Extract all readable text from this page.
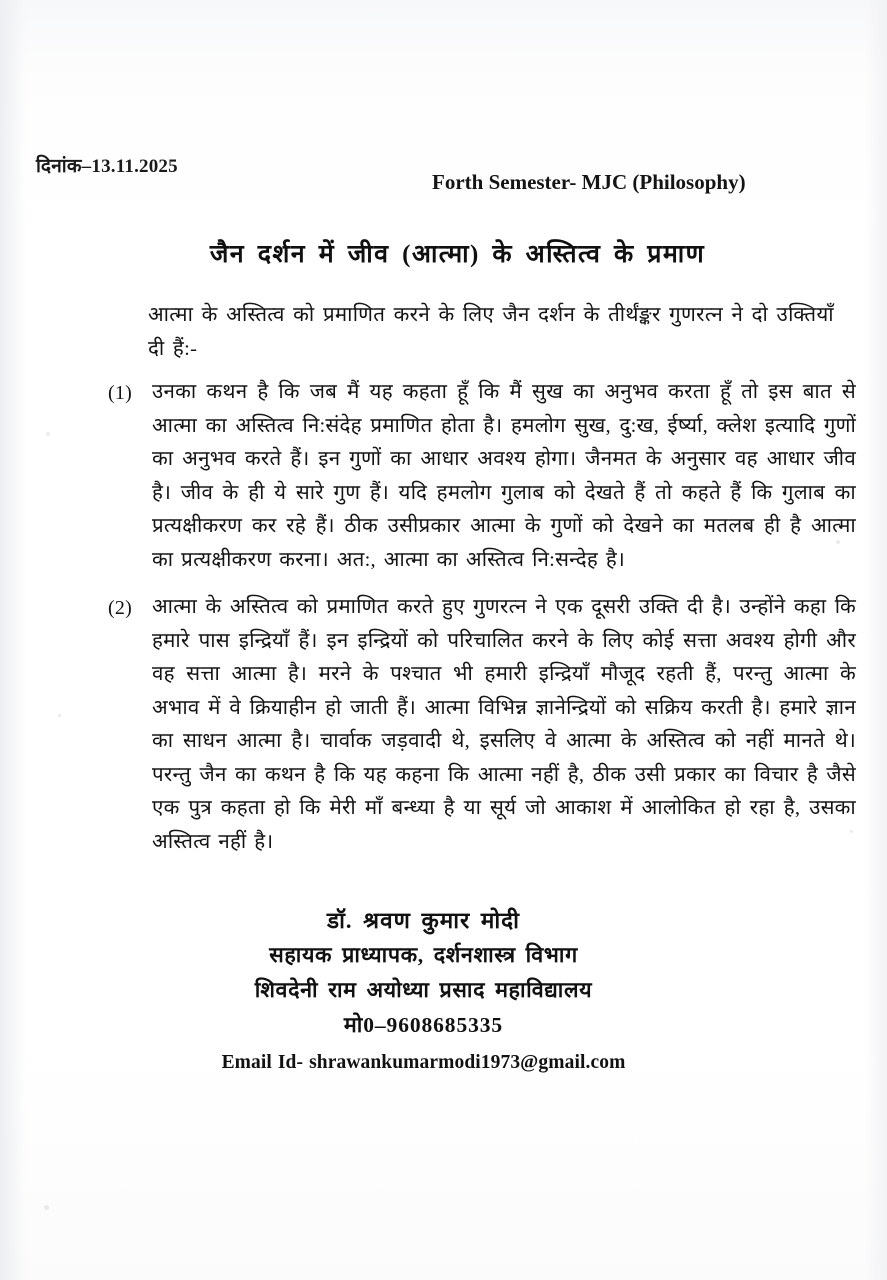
दिनांक–13.11.2025
Forth Semester- MJC (Philosophy)
जैन दर्शन में जीव (आत्मा) के अस्तित्व के प्रमाण
आत्मा के अस्तित्व को प्रमाणित करने के लिए जैन दर्शन के तीर्थंङ्कर गुणरत्न ने दो उक्तियाँ दी हैं:-
(1) उनका कथन है कि जब मैं यह कहता हूँ कि मैं सुख का अनुभव करता हूँ तो इस बात से आत्मा का अस्तित्व नि:संदेह प्रमाणित होता है। हमलोग सुख, दु:ख, ईर्ष्या, क्लेश इत्यादि गुणों का अनुभव करते हैं। इन गुणों का आधार अवश्य होगा। जैनमत के अनुसार वह आधार जीव है। जीव के ही ये सारे गुण हैं। यदि हमलोग गुलाब को देखते हैं तो कहते हैं कि गुलाब का प्रत्यक्षीकरण कर रहे हैं। ठीक उसीप्रकार आत्मा के गुणों को देखने का मतलब ही है आत्मा का प्रत्यक्षीकरण करना। अत:, आत्मा का अस्तित्व नि:सन्देह है।
(2) आत्मा के अस्तित्व को प्रमाणित करते हुए गुणरत्न ने एक दूसरी उक्ति दी है। उन्होंने कहा कि हमारे पास इन्द्रियाँ हैं। इन इन्द्रियों को परिचालित करने के लिए कोई सत्ता अवश्य होगी और वह सत्ता आत्मा है। मरने के पश्चात भी हमारी इन्द्रियाँ मौजूद रहती हैं, परन्तु आत्मा के अभाव में वे क्रियाहीन हो जाती हैं। आत्मा विभिन्न ज्ञानेन्द्रियों को सक्रिय करती है। हमारे ज्ञान का साधन आत्मा है। चार्वाक जड़वादी थे, इसलिए वे आत्मा के अस्तित्व को नहीं मानते थे। परन्तु जैन का कथन है कि यह कहना कि आत्मा नहीं है, ठीक उसी प्रकार का विचार है जैसे एक पुत्र कहता हो कि मेरी माँ बन्ध्या है या सूर्य जो आकाश में आलोकित हो रहा है, उसका अस्तित्व नहीं है।
डॉ. श्रवण कुमार मोदी
सहायक प्राध्यापक, दर्शनशास्त्र विभाग
शिवदेनी राम अयोध्या प्रसाद महाविद्यालय
मो0–9608685335
Email Id- shrawankumarmodi1973@gmail.com
